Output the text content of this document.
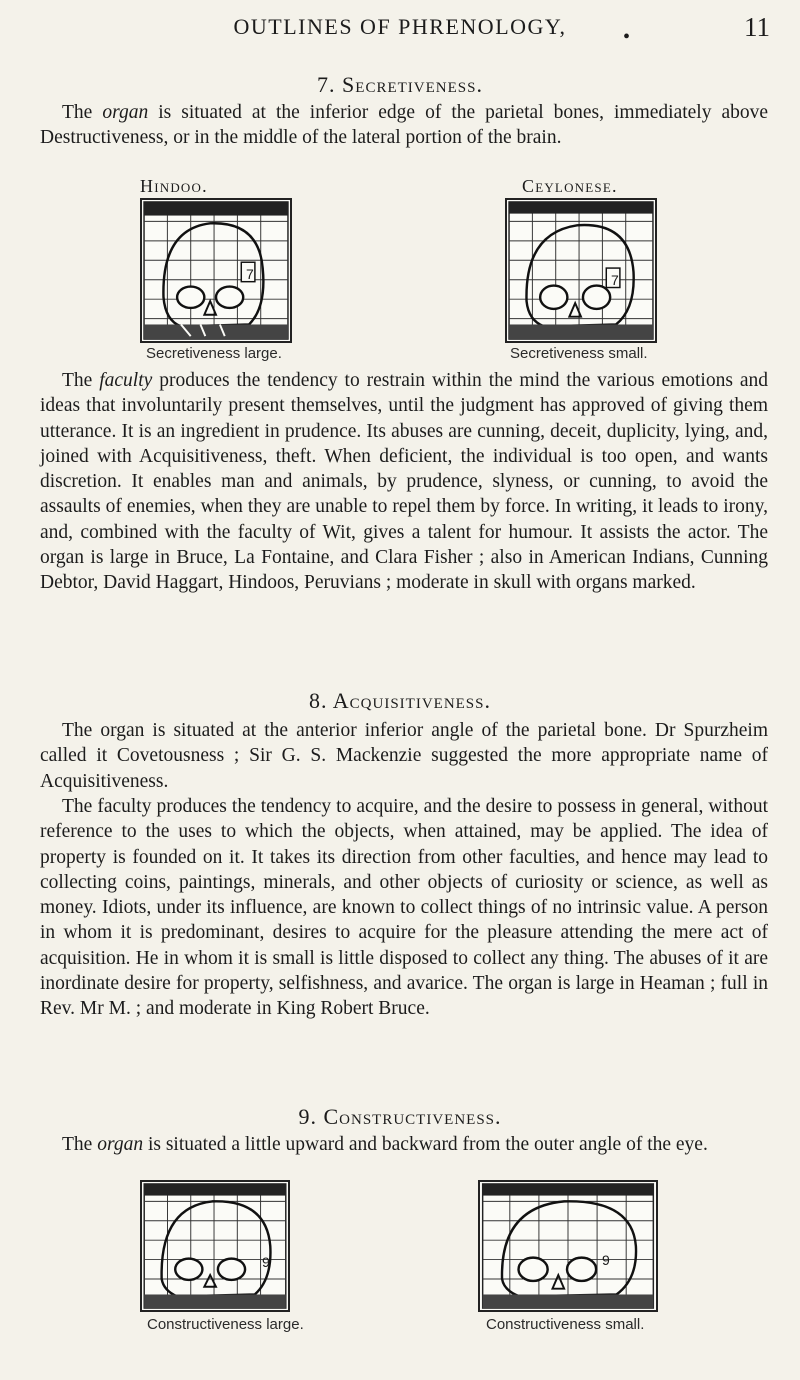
OUTLINES OF PHRENOLOGY,	•	11
7. Secretiveness.

The organ is situated at the inferior edge of the parietal bones, immediately above Destructiveness, or in the middle of the lateral portion of the brain.

Hindoo.	Ceylonese.
7	7
Secretiveness large.	Secretiveness small.

The faculty produces the tendency to restrain within the mind the various emotions and ideas that involuntarily present themselves, until the judgment has approved of giving them utterance. It is an ingredient in prudence. Its abuses are cunning, deceit, duplicity, lying, and, joined with Acquisitiveness, theft. When deficient, the individual is too open, and wants discretion. It enables man and animals, by prudence, slyness, or cunning, to avoid the assaults of enemies, when they are unable to repel them by force. In writing, it leads to irony, and, combined with the faculty of Wit, gives a talent for humour. It assists the actor. The organ is large in Bruce, La Fontaine, and Clara Fisher ; also in American Indians, Cunning Debtor, David Haggart, Hindoos, Peruvians ; moderate in skull with organs marked.

8. Acquisitiveness.

The organ is situated at the anterior inferior angle of the parietal bone. Dr Spurzheim called it Covetousness ; Sir G. S. Mackenzie suggested the more appropriate name of Acquisitiveness.

The faculty produces the tendency to acquire, and the desire to possess in general, without reference to the uses to which the objects, when attained, may be applied. The idea of property is founded on it. It takes its direction from other faculties, and hence may lead to collecting coins, paintings, minerals, and other objects of curiosity or science, as well as money. Idiots, under its influence, are known to collect things of no intrinsic value. A person in whom it is predominant, desires to acquire for the pleasure attending the mere act of acquisition. He in whom it is small is little disposed to collect any thing. The abuses of it are inordinate desire for property, selfishness, and avarice. The organ is large in Heaman ; full in Rev. Mr M. ; and moderate in King Robert Bruce.

9. Constructiveness.

The organ is situated a little upward and backward from the outer angle of the eye.

9	9
Constructiveness large.	Constructiveness small.
